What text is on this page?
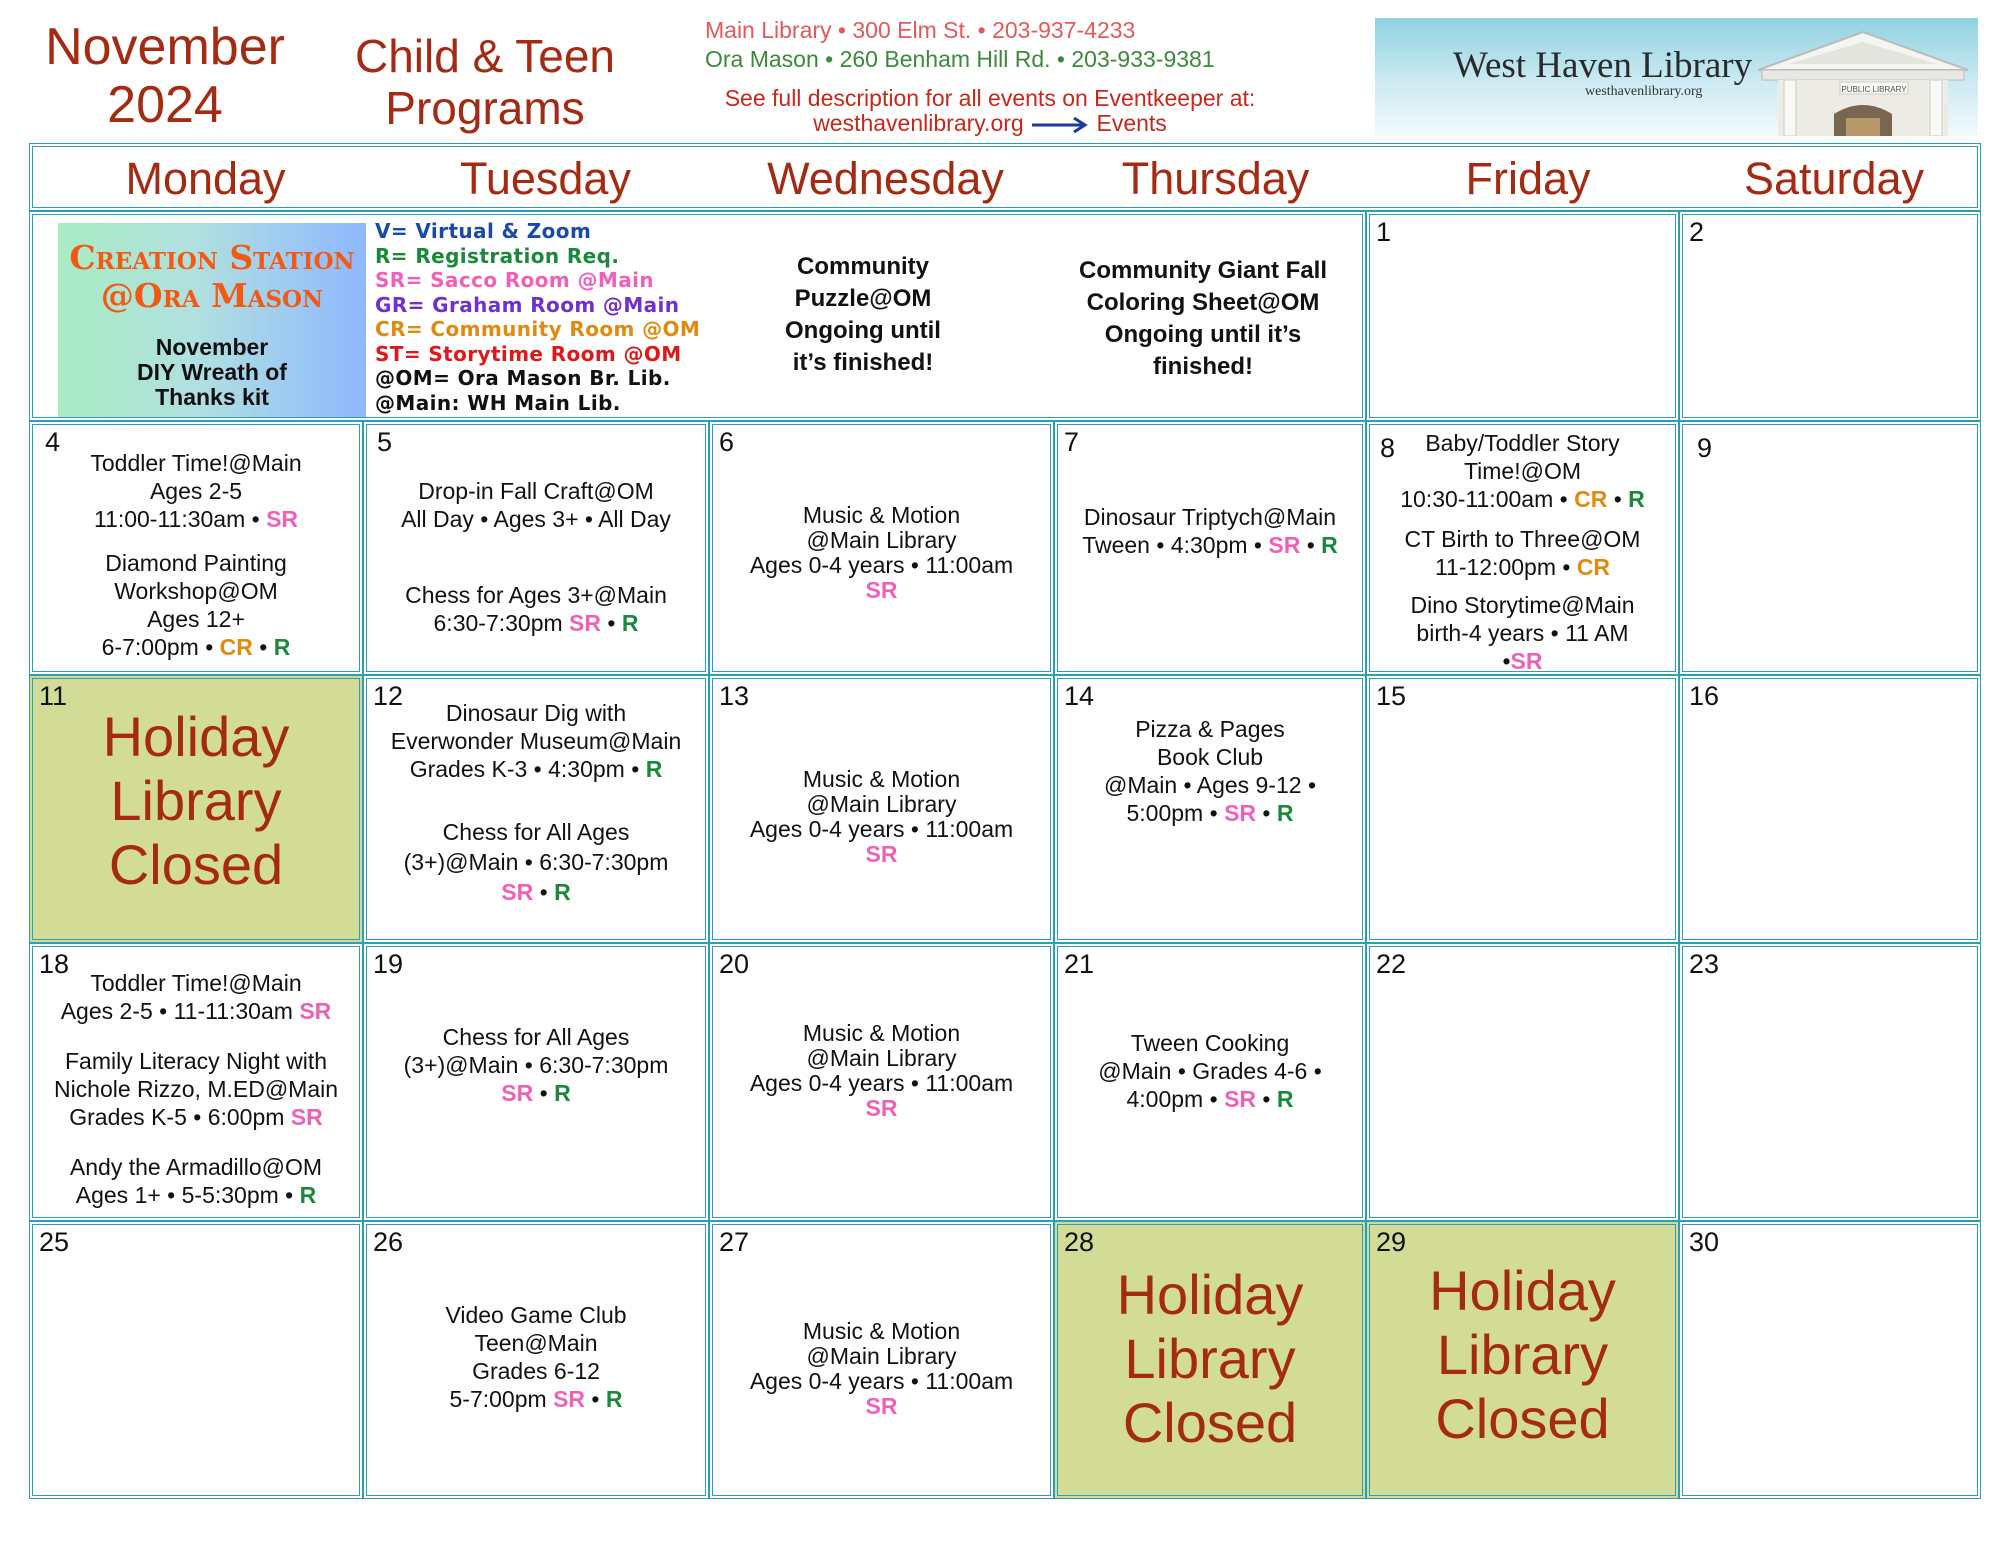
November
2024
Child & Teen
Programs
Main Library • 300 Elm St. • 203-937-4233
Ora Mason • 260 Benham Hill Rd. • 203-933-9381
See full description for all events on Eventkeeper at:
westhavenlibrary.org	Events
West Haven Library
westhavenlibrary.org	PUBLIC LIBRARY
Monday	Tuesday	Wednesday	Thursday	Friday	Saturday
Creation Station
@Ora Mason
November
DIY Wreath of
Thanks kit
V= Virtual & Zoom
R= Registration Req.
SR= Sacco Room @Main
GR= Graham Room @Main
CR= Community Room @OM
ST= Storytime Room @OM
@OM= Ora Mason Br. Lib.
@Main: WH Main Lib.
Community
Puzzle@OM
Ongoing until
it’s finished!
Community Giant Fall
Coloring Sheet@OM
Ongoing until it’s
finished!
1	2
4
Toddler Time!@Main
Ages 2-5
11:00-11:30am • SR
Diamond Painting
Workshop@OM
Ages 12+
6-7:00pm • CR • R
5
Drop-in Fall Craft@OM
All Day • Ages 3+ • All Day
Chess for Ages 3+@Main
6:30-7:30pm SR • R
6
Music & Motion
@Main Library
Ages 0-4 years • 11:00am
SR
7
Dinosaur Triptych@Main
Tween • 4:30pm • SR • R
8	Baby/Toddler Story
Time!@OM
10:30-11:00am • CR • R
CT Birth to Three@OM
11-12:00pm • CR
Dino Storytime@Main
birth-4 years • 11 AM
•SR
9
11
Holiday
Library
Closed
12
Dinosaur Dig with
Everwonder Museum@Main
Grades K-3 • 4:30pm • R
Chess for All Ages
(3+)@Main • 6:30-7:30pm
SR • R
13
Music & Motion
@Main Library
Ages 0-4 years • 11:00am
SR
14
Pizza & Pages
Book Club
@Main • Ages 9-12 •
5:00pm • SR • R
15	16
18
Toddler Time!@Main
Ages 2-5 • 11-11:30am SR
Family Literacy Night with
Nichole Rizzo, M.ED@Main
Grades K-5 • 6:00pm SR
Andy the Armadillo@OM
Ages 1+ • 5-5:30pm • R
19
Chess for All Ages
(3+)@Main • 6:30-7:30pm
SR • R
20
Music & Motion
@Main Library
Ages 0-4 years • 11:00am
SR
21
Tween Cooking
@Main • Grades 4-6 •
4:00pm • SR • R
22	23
25	26
Video Game Club
Teen@Main
Grades 6-12
5-7:00pm SR • R
27
Music & Motion
@Main Library
Ages 0-4 years • 11:00am
SR
28
Holiday
Library
Closed
29
Holiday
Library
Closed
30
